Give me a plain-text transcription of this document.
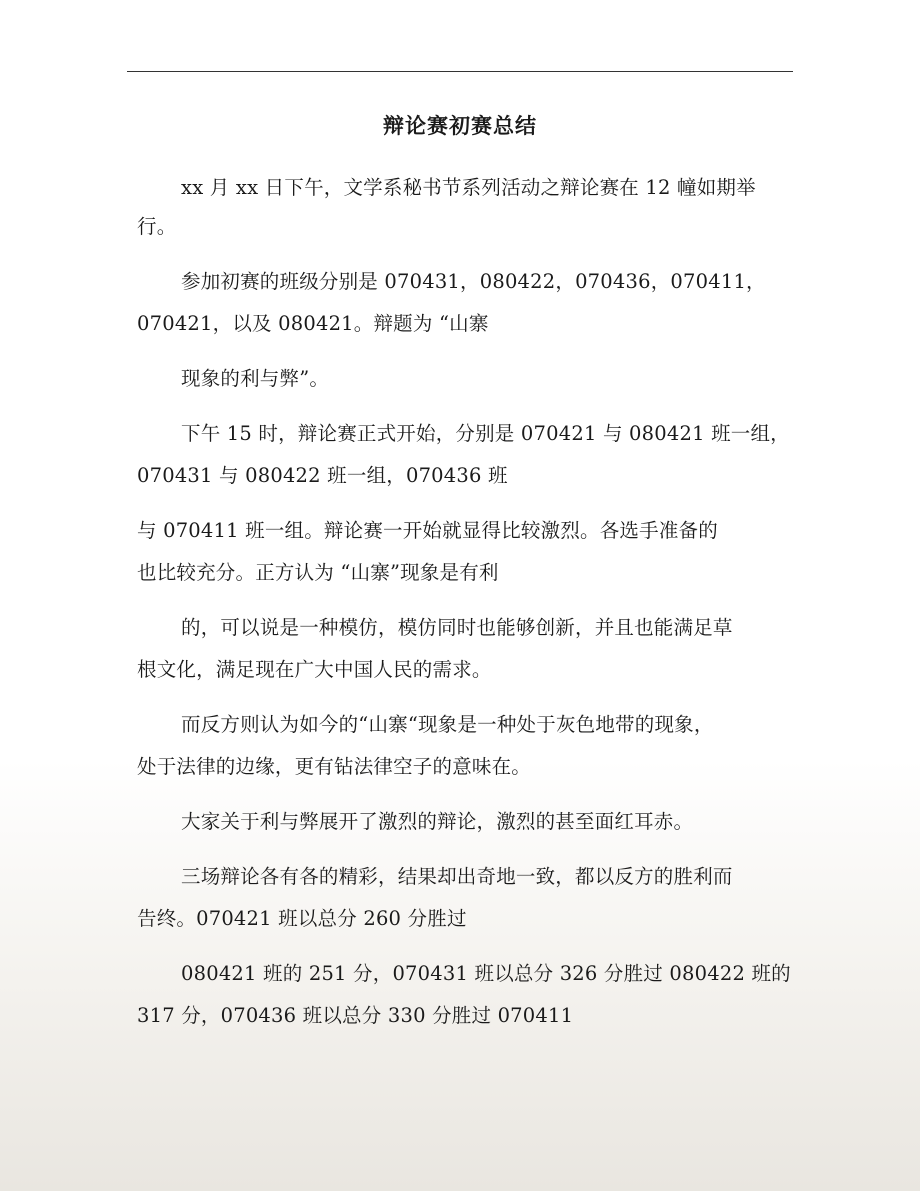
辩论赛初赛总结
xx 月 xx 日下午，文学系秘书节系列活动之辩论赛在 12 幢如期举
行。
参加初赛的班级分别是 070431，080422，070436，070411，
070421，以及 080421。辩题为 “山寨
现象的利与弊”。
下午 15 时，辩论赛正式开始，分别是 070421 与 080421 班一组，
070431 与 080422 班一组，070436 班
与 070411 班一组。辩论赛一开始就显得比较激烈。各选手准备的
也比较充分。正方认为 “山寨”现象是有利
的，可以说是一种模仿，模仿同时也能够创新，并且也能满足草
根文化，满足现在广大中国人民的需求。
而反方则认为如今的“山寨“现象是一种处于灰色地带的现象，
处于法律的边缘，更有钻法律空子的意味在。
大家关于利与弊展开了激烈的辩论，激烈的甚至面红耳赤。
三场辩论各有各的精彩，结果却出奇地一致，都以反方的胜利而
告终。070421 班以总分 260 分胜过
080421 班的 251 分，070431 班以总分 326 分胜过 080422 班的
317 分，070436 班以总分 330 分胜过 070411
